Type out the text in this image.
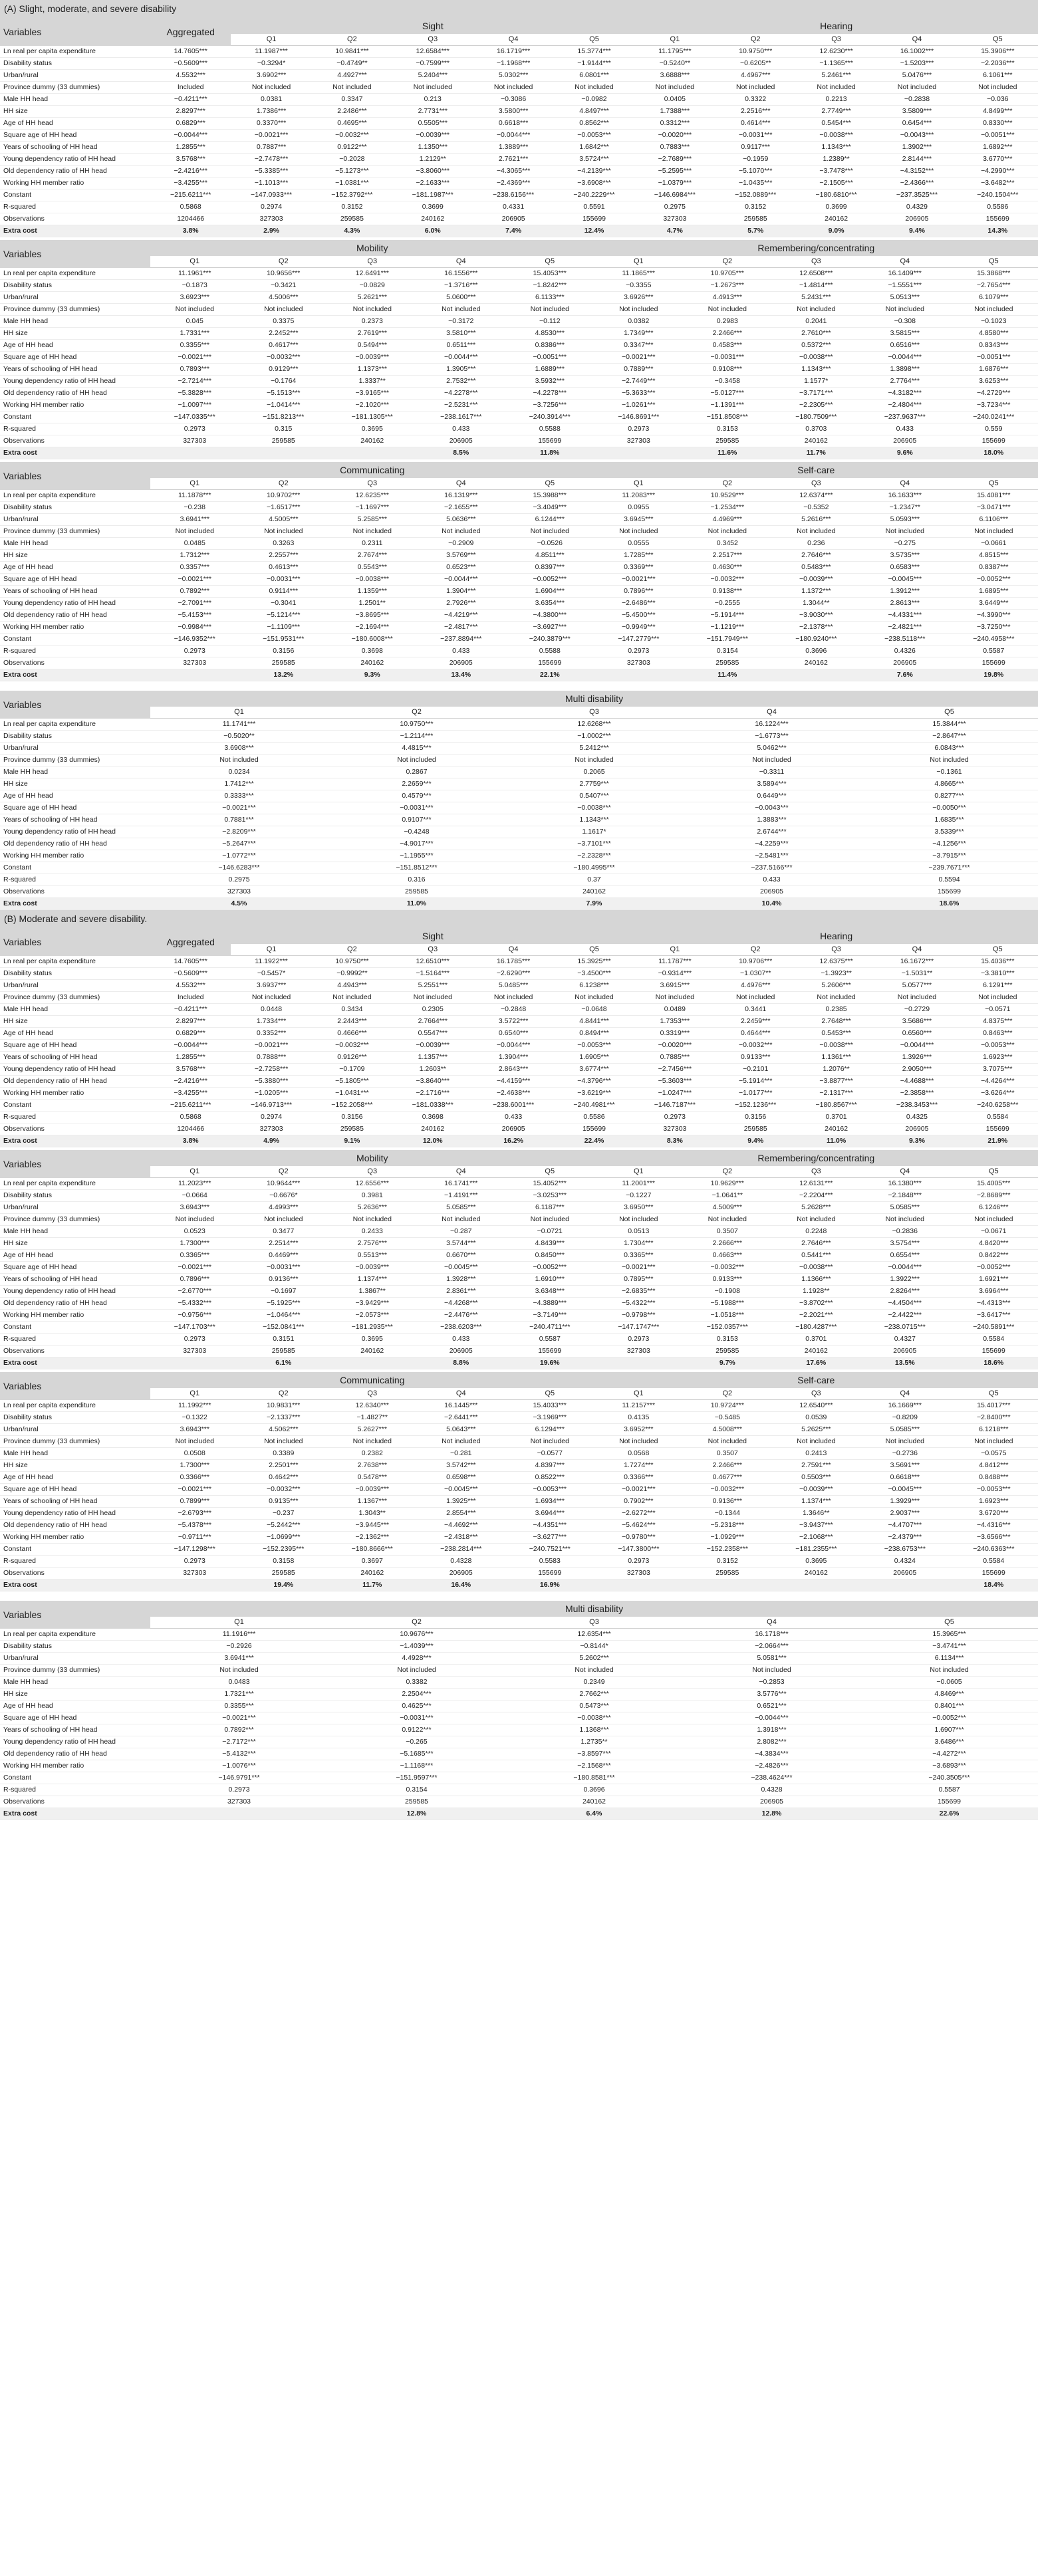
(A) Slight, moderate, and severe disability
Variables	Aggregated	Sight					Hearing				
		Q1	Q2	Q3	Q4	Q5	Q1	Q2	Q3	Q4	Q5
Ln real per capita expenditure	14.7605***	11.1987***	10.9841***	12.6584***	16.1719***	15.3774***	11.1795***	10.9750***	12.6230***	16.1002***	15.3906***
Disability status	−0.5609***	−0.3294*	−0.4749**	−0.7599***	−1.1968***	−1.9144***	−0.5240**	−0.6205**	−1.1365***	−1.5203***	−2.2036***
Urban/rural	4.5532***	3.6902***	4.4927***	5.2404***	5.0302***	6.0801***	3.6888***	4.4967***	5.2461***	5.0476***	6.1061***
Province dummy (33 dummies)	Included	Not included	Not included	Not included	Not included	Not included	Not included	Not included	Not included	Not included	Not included
Male HH head	−0.4211***	0.0381	0.3347	0.213	−0.3086	−0.0982	0.0405	0.3322	0.2213	−0.2838	−0.036
HH size	2.8297***	1.7386***	2.2486***	2.7731***	3.5800***	4.8497***	1.7388***	2.2516***	2.7749***	3.5809***	4.8499***
Age of HH head	0.6829***	0.3370***	0.4695***	0.5505***	0.6618***	0.8562***	0.3312***	0.4614***	0.5454***	0.6454***	0.8330***
Square age of HH head	−0.0044***	−0.0021***	−0.0032***	−0.0039***	−0.0044***	−0.0053***	−0.0020***	−0.0031***	−0.0038***	−0.0043***	−0.0051***
Years of schooling of HH head	1.2855***	0.7887***	0.9122***	1.1350***	1.3889***	1.6842***	0.7883***	0.9117***	1.1343***	1.3902***	1.6892***
Young dependency ratio of HH head	3.5768***	−2.7478***	−0.2028	1.2129**	2.7621***	3.5724***	−2.7689***	−0.1959	1.2389**	2.8144***	3.6770***
Old dependency ratio of HH head	−2.4216***	−5.3385***	−5.1273***	−3.8060***	−4.3065***	−4.2139***	−5.2595***	−5.1070***	−3.7478***	−4.3152***	−4.2990***
Working HH member ratio	−3.4255***	−1.1013***	−1.0381***	−2.1633***	−2.4369***	−3.6908***	−1.0379***	−1.0435***	−2.1505***	−2.4366***	−3.6482***
Constant	−215.6211***	−147.0933***	−152.3792***	−181.1987***	−238.6156***	−240.2229***	−146.6984***	−152.0889***	−180.6810***	−237.3525***	−240.1504***
R-squared	0.5868	0.2974	0.3152	0.3699	0.4331	0.5591	0.2975	0.3152	0.3699	0.4329	0.5586
Observations	1204466	327303	259585	240162	206905	155699	327303	259585	240162	206905	155699
Extra cost	3.8%	2.9%	4.3%	6.0%	7.4%	12.4%	4.7%	5.7%	9.0%	9.4%	14.3%
Variables	Mobility					Remembering/concentrating				
	Q1	Q2	Q3	Q4	Q5	Q1	Q2	Q3	Q4	Q5
Ln real per capita expenditure	11.1961***	10.9656***	12.6491***	16.1556***	15.4053***	11.1865***	10.9705***	12.6508***	16.1409***	15.3868***
Disability status	−0.1873	−0.3421	−0.0829	−1.3716***	−1.8242***	−0.3355	−1.2673***	−1.4814***	−1.5551***	−2.7654***
Urban/rural	3.6923***	4.5006***	5.2621***	5.0600***	6.1133***	3.6926***	4.4913***	5.2431***	5.0513***	6.1079***
Province dummy (33 dummies)	Not included	Not included	Not included	Not included	Not included	Not included	Not included	Not included	Not included	Not included
Male HH head	0.045	0.3375	0.2373	−0.3172	−0.112	0.0382	0.2983	0.2041	−0.308	−0.1023
HH size	1.7331***	2.2452***	2.7619***	3.5810***	4.8530***	1.7349***	2.2466***	2.7610***	3.5815***	4.8580***
Age of HH head	0.3355***	0.4617***	0.5494***	0.6511***	0.8386***	0.3347***	0.4583***	0.5372***	0.6516***	0.8343***
Square age of HH head	−0.0021***	−0.0032***	−0.0039***	−0.0044***	−0.0051***	−0.0021***	−0.0031***	−0.0038***	−0.0044***	−0.0051***
Years of schooling of HH head	0.7893***	0.9129***	1.1373***	1.3905***	1.6889***	0.7889***	0.9108***	1.1343***	1.3898***	1.6876***
Young dependency ratio of HH head	−2.7214***	−0.1764	1.3337**	2.7532***	3.5932***	−2.7449***	−0.3458	1.1577*	2.7764***	3.6253***
Old dependency ratio of HH head	−5.3828***	−5.1513***	−3.9165***	−4.2278***	−4.2278***	−5.3633***	−5.0127***	−3.7171***	−4.3182***	−4.2729***
Working HH member ratio	−1.0097***	−1.0414***	−2.1020***	−2.5231***	−3.7256***	−1.0261***	−1.1391***	−2.2305***	−2.4804***	−3.7234***
Constant	−147.0335***	−151.8213***	−181.1305***	−238.1617***	−240.3914***	−146.8691***	−151.8508***	−180.7509***	−237.9637***	−240.0241***
R-squared	0.2973	0.315	0.3695	0.433	0.5588	0.2973	0.3153	0.3703	0.433	0.559
Observations	327303	259585	240162	206905	155699	327303	259585	240162	206905	155699
Extra cost				8.5%	11.8%		11.6%	11.7%	9.6%	18.0%
Variables	Communicating					Self-care				
	Q1	Q2	Q3	Q4	Q5	Q1	Q2	Q3	Q4	Q5
Ln real per capita expenditure	11.1878***	10.9702***	12.6235***	16.1319***	15.3988***	11.2083***	10.9529***	12.6374***	16.1633***	15.4081***
Disability status	−0.238	−1.6517***	−1.1697***	−2.1655***	−3.4049***	0.0955	−1.2534***	−0.5352	−1.2347**	−3.0471***
Urban/rural	3.6941***	4.5005***	5.2585***	5.0636***	6.1244***	3.6945***	4.4969***	5.2616***	5.0593***	6.1106***
Province dummy (33 dummies)	Not included	Not included	Not included	Not included	Not included	Not included	Not included	Not included	Not included	Not included
Male HH head	0.0485	0.3263	0.2311	−0.2909	−0.0526	0.0555	0.3452	0.236	−0.275	−0.0661
HH size	1.7312***	2.2557***	2.7674***	3.5769***	4.8511***	1.7285***	2.2517***	2.7646***	3.5735***	4.8515***
Age of HH head	0.3357***	0.4613***	0.5543***	0.6523***	0.8397***	0.3369***	0.4630***	0.5483***	0.6583***	0.8387***
Square age of HH head	−0.0021***	−0.0031***	−0.0038***	−0.0044***	−0.0052***	−0.0021***	−0.0032***	−0.0039***	−0.0045***	−0.0052***
Years of schooling of HH head	0.7892***	0.9114***	1.1359***	1.3904***	1.6904***	0.7896***	0.9138***	1.1372***	1.3912***	1.6895***
Young dependency ratio of HH head	−2.7091***	−0.3041	1.2501**	2.7926***	3.6354***	−2.6486***	−0.2555	1.3044**	2.8613***	3.6449***
Old dependency ratio of HH head	−5.4153***	−5.1214***	−3.8695***	−4.4219***	−4.3800***	−5.4500***	−5.1914***	−3.9030***	−4.4331***	−4.3990***
Working HH member ratio	−0.9984***	−1.1109***	−2.1694***	−2.4817***	−3.6927***	−0.9949***	−1.1219***	−2.1378***	−2.4821***	−3.7250***
Constant	−146.9352***	−151.9531***	−180.6008***	−237.8894***	−240.3879***	−147.2779***	−151.7949***	−180.9240***	−238.5118***	−240.4958***
R-squared	0.2973	0.3156	0.3698	0.433	0.5588	0.2973	0.3154	0.3696	0.4326	0.5587
Observations	327303	259585	240162	206905	155699	327303	259585	240162	206905	155699
Extra cost		13.2%	9.3%	13.4%	22.1%		11.4%		7.6%	19.8%
Variables	Multi disability				
	Q1	Q2	Q3	Q4	Q5
Ln real per capita expenditure	11.1741***	10.9750***	12.6268***	16.1224***	15.3844***
Disability status	−0.5020**	−1.2114***	−1.0002***	−1.6773***	−2.8647***
Urban/rural	3.6908***	4.4815***	5.2412***	5.0462***	6.0843***
Province dummy (33 dummies)	Not included	Not included	Not included	Not included	Not included
Male HH head	0.0234	0.2867	0.2065	−0.3311	−0.1361
HH size	1.7412***	2.2659***	2.7759***	3.5894***	4.8665***
Age of HH head	0.3333***	0.4579***	0.5407***	0.6449***	0.8277***
Square age of HH head	−0.0021***	−0.0031***	−0.0038***	−0.0043***	−0.0050***
Years of schooling of HH head	0.7881***	0.9107***	1.1343***	1.3883***	1.6835***
Young dependency ratio of HH head	−2.8209***	−0.4248	1.1617*	2.6744***	3.5339***
Old dependency ratio of HH head	−5.2647***	−4.9017***	−3.7101***	−4.2259***	−4.1256***
Working HH member ratio	−1.0772***	−1.1955***	−2.2328***	−2.5481***	−3.7915***
Constant	−146.6283***	−151.8512***	−180.4995***	−237.5166***	−239.7671***
R-squared	0.2975	0.316	0.37	0.433	0.5594
Observations	327303	259585	240162	206905	155699
Extra cost	4.5%	11.0%	7.9%	10.4%	18.6%
(B) Moderate and severe disability.
Variables	Aggregated	Sight					Hearing				
		Q1	Q2	Q3	Q4	Q5	Q1	Q2	Q3	Q4	Q5
Ln real per capita expenditure	14.7605***	11.1922***	10.9750***	12.6510***	16.1785***	15.3925***	11.1787***	10.9706***	12.6375***	16.1672***	15.4036***
Disability status	−0.5609***	−0.5457*	−0.9992**	−1.5164***	−2.6290***	−3.4500***	−0.9314***	−1.0307**	−1.3923**	−1.5031**	−3.3810***
Urban/rural	4.5532***	3.6937***	4.4943***	5.2551***	5.0485***	6.1238***	3.6915***	4.4976***	5.2606***	5.0577***	6.1291***
Province dummy (33 dummies)	Included	Not included	Not included	Not included	Not included	Not included	Not included	Not included	Not included	Not included	Not included
Male HH head	−0.4211***	0.0448	0.3434	0.2305	−0.2848	−0.0648	0.0489	0.3441	0.2385	−0.2729	−0.0571
HH size	2.8297***	1.7334***	2.2443***	2.7664***	3.5722***	4.8441***	1.7353***	2.2459***	2.7648***	3.5686***	4.8375***
Age of HH head	0.6829***	0.3352***	0.4666***	0.5547***	0.6540***	0.8494***	0.3319***	0.4644***	0.5453***	0.6560***	0.8463***
Square age of HH head	−0.0044***	−0.0021***	−0.0032***	−0.0039***	−0.0044***	−0.0053***	−0.0020***	−0.0032***	−0.0038***	−0.0044***	−0.0053***
Years of schooling of HH head	1.2855***	0.7888***	0.9126***	1.1357***	1.3904***	1.6905***	0.7885***	0.9133***	1.1361***	1.3926***	1.6923***
Young dependency ratio of HH head	3.5768***	−2.7258***	−0.1709	1.2603**	2.8643***	3.6774***	−2.7456***	−0.2101	1.2076**	2.9050***	3.7075***
Old dependency ratio of HH head	−2.4216***	−5.3880***	−5.1805***	−3.8640***	−4.4159***	−4.3796***	−5.3603***	−5.1914***	−3.8877***	−4.4688***	−4.4264***
Working HH member ratio	−3.4255***	−1.0205***	−1.0431***	−2.1716***	−2.4638***	−3.6219***	−1.0247***	−1.0177***	−2.1317***	−2.3858***	−3.6264***
Constant	−215.6211***	−146.9713***	−152.2058***	−181.0338***	−238.6001***	−240.4981***	−146.7187***	−152.1236***	−180.8567***	−238.3453***	−240.6258***
R-squared	0.5868	0.2974	0.3156	0.3698	0.433	0.5586	0.2973	0.3156	0.3701	0.4325	0.5584
Observations	1204466	327303	259585	240162	206905	155699	327303	259585	240162	206905	155699
Extra cost	3.8%	4.9%	9.1%	12.0%	16.2%	22.4%	8.3%	9.4%	11.0%	9.3%	21.9%
Variables	Mobility					Remembering/concentrating				
	Q1	Q2	Q3	Q4	Q5	Q1	Q2	Q3	Q4	Q5
Ln real per capita expenditure	11.2023***	10.9644***	12.6556***	16.1741***	15.4052***	11.2001***	10.9629***	12.6131***	16.1380***	15.4005***
Disability status	−0.0664	−0.6676*	0.3981	−1.4191***	−3.0253***	−0.1227	−1.0641**	−2.2204***	−2.1848***	−2.8689***
Urban/rural	3.6943***	4.4993***	5.2636***	5.0585***	6.1187***	3.6950***	4.5009***	5.2628***	5.0585***	6.1246***
Province dummy (33 dummies)	Not included	Not included	Not included	Not included	Not included	Not included	Not included	Not included	Not included	Not included
Male HH head	0.0523	0.3477	0.2433	−0.287	−0.0721	0.0513	0.3507	0.2248	−0.2836	−0.0671
HH size	1.7300***	2.2514***	2.7576***	3.5744***	4.8439***	1.7304***	2.2666***	2.7646***	3.5754***	4.8420***
Age of HH head	0.3365***	0.4469***	0.5513***	0.6670***	0.8450***	0.3365***	0.4663***	0.5441***	0.6554***	0.8422***
Square age of HH head	−0.0021***	−0.0031***	−0.0039***	−0.0045***	−0.0052***	−0.0021***	−0.0032***	−0.0038***	−0.0044***	−0.0052***
Years of schooling of HH head	0.7896***	0.9136***	1.1374***	1.3928***	1.6910***	0.7895***	0.9133***	1.1366***	1.3922***	1.6921***
Young dependency ratio of HH head	−2.6770***	−0.1697	1.3867**	2.8361***	3.6348***	−2.6835***	−0.1908	1.1928**	2.8264***	3.6964***
Old dependency ratio of HH head	−5.4332***	−5.1925***	−3.9429***	−4.4268***	−4.3889***	−5.4322***	−5.1988***	−3.8702***	−4.4504***	−4.4313***
Working HH member ratio	−0.9756***	−1.0464***	−2.0573***	−2.4476***	−3.7149***	−0.9798***	−1.0518***	−2.2021***	−2.4422***	−3.6417***
Constant	−147.1703***	−152.0841***	−181.2935***	−238.6203***	−240.4711***	−147.1747***	−152.0357***	−180.4287***	−238.0715***	−240.5891***
R-squared	0.2973	0.3151	0.3695	0.433	0.5587	0.2973	0.3153	0.3701	0.4327	0.5584
Observations	327303	259585	240162	206905	155699	327303	259585	240162	206905	155699
Extra cost		6.1%		8.8%	19.6%		9.7%	17.6%	13.5%	18.6%
Variables	Communicating					Self-care				
	Q1	Q2	Q3	Q4	Q5	Q1	Q2	Q3	Q4	Q5
Ln real per capita expenditure	11.1992***	10.9831***	12.6340***	16.1445***	15.4033***	11.2157***	10.9724***	12.6540***	16.1669***	15.4017***
Disability status	−0.1322	−2.1337***	−1.4827**	−2.6441***	−3.1969***	0.4135	−0.5485	0.0539	−0.8209	−2.8400***
Urban/rural	3.6943***	4.5062***	5.2627***	5.0643***	6.1294***	3.6952***	4.5008***	5.2625***	5.0585***	6.1218***
Province dummy (33 dummies)	Not included	Not included	Not included	Not included	Not included	Not included	Not included	Not included	Not included	Not included
Male HH head	0.0508	0.3389	0.2382	−0.281	−0.0577	0.0568	0.3507	0.2413	−0.2736	−0.0575
HH size	1.7300***	2.2501***	2.7638***	3.5742***	4.8397***	1.7274***	2.2466***	2.7591***	3.5691***	4.8412***
Age of HH head	0.3366***	0.4642***	0.5478***	0.6598***	0.8522***	0.3366***	0.4677***	0.5503***	0.6618***	0.8488***
Square age of HH head	−0.0021***	−0.0032***	−0.0039***	−0.0045***	−0.0053***	−0.0021***	−0.0032***	−0.0039***	−0.0045***	−0.0053***
Years of schooling of HH head	0.7899***	0.9135***	1.1367***	1.3925***	1.6934***	0.7902***	0.9136***	1.1374***	1.3929***	1.6923***
Young dependency ratio of HH head	−2.6793***	−0.237	1.3043**	2.8554***	3.6944***	−2.6272***	−0.1344	1.3646**	2.9037***	3.6720***
Old dependency ratio of HH head	−5.4378***	−5.2442***	−3.9445***	−4.4692***	−4.4351***	−5.4624***	−5.2318***	−3.9437***	−4.4707***	−4.4316***
Working HH member ratio	−0.9711***	−1.0699***	−2.1362***	−2.4318***	−3.6277***	−0.9780***	−1.0929***	−2.1068***	−2.4379***	−3.6566***
Constant	−147.1298***	−152.2395***	−180.8666***	−238.2814***	−240.7521***	−147.3800***	−152.2358***	−181.2355***	−238.6753***	−240.6363***
R-squared	0.2973	0.3158	0.3697	0.4328	0.5583	0.2973	0.3152	0.3695	0.4324	0.5584
Observations	327303	259585	240162	206905	155699	327303	259585	240162	206905	155699
Extra cost		19.4%	11.7%	16.4%	16.9%					18.4%
Variables	Multi disability				
	Q1	Q2	Q3	Q4	Q5
Ln real per capita expenditure	11.1916***	10.9676***	12.6354***	16.1718***	15.3965***
Disability status	−0.2926	−1.4039***	−0.8144*	−2.0664***	−3.4741***
Urban/rural	3.6941***	4.4928***	5.2602***	5.0581***	6.1134***
Province dummy (33 dummies)	Not included	Not included	Not included	Not included	Not included
Male HH head	0.0483	0.3382	0.2349	−0.2853	−0.0605
HH size	1.7321***	2.2504***	2.7662***	3.5776***	4.8469***
Age of HH head	0.3355***	0.4625***	0.5473***	0.6521***	0.8401***
Square age of HH head	−0.0021***	−0.0031***	−0.0038***	−0.0044***	−0.0052***
Years of schooling of HH head	0.7892***	0.9122***	1.1368***	1.3918***	1.6907***
Young dependency ratio of HH head	−2.7172***	−0.265	1.2735**	2.8082***	3.6486***
Old dependency ratio of HH head	−5.4132***	−5.1685***	−3.8597***	−4.3834***	−4.4272***
Working HH member ratio	−1.0076***	−1.1168***	−2.1568***	−2.4826***	−3.6893***
Constant	−146.9791***	−151.9597***	−180.8581***	−238.4624***	−240.3505***
R-squared	0.2973	0.3154	0.3696	0.4328	0.5587
Observations	327303	259585	240162	206905	155699
Extra cost		12.8%	6.4%	12.8%	22.6%
